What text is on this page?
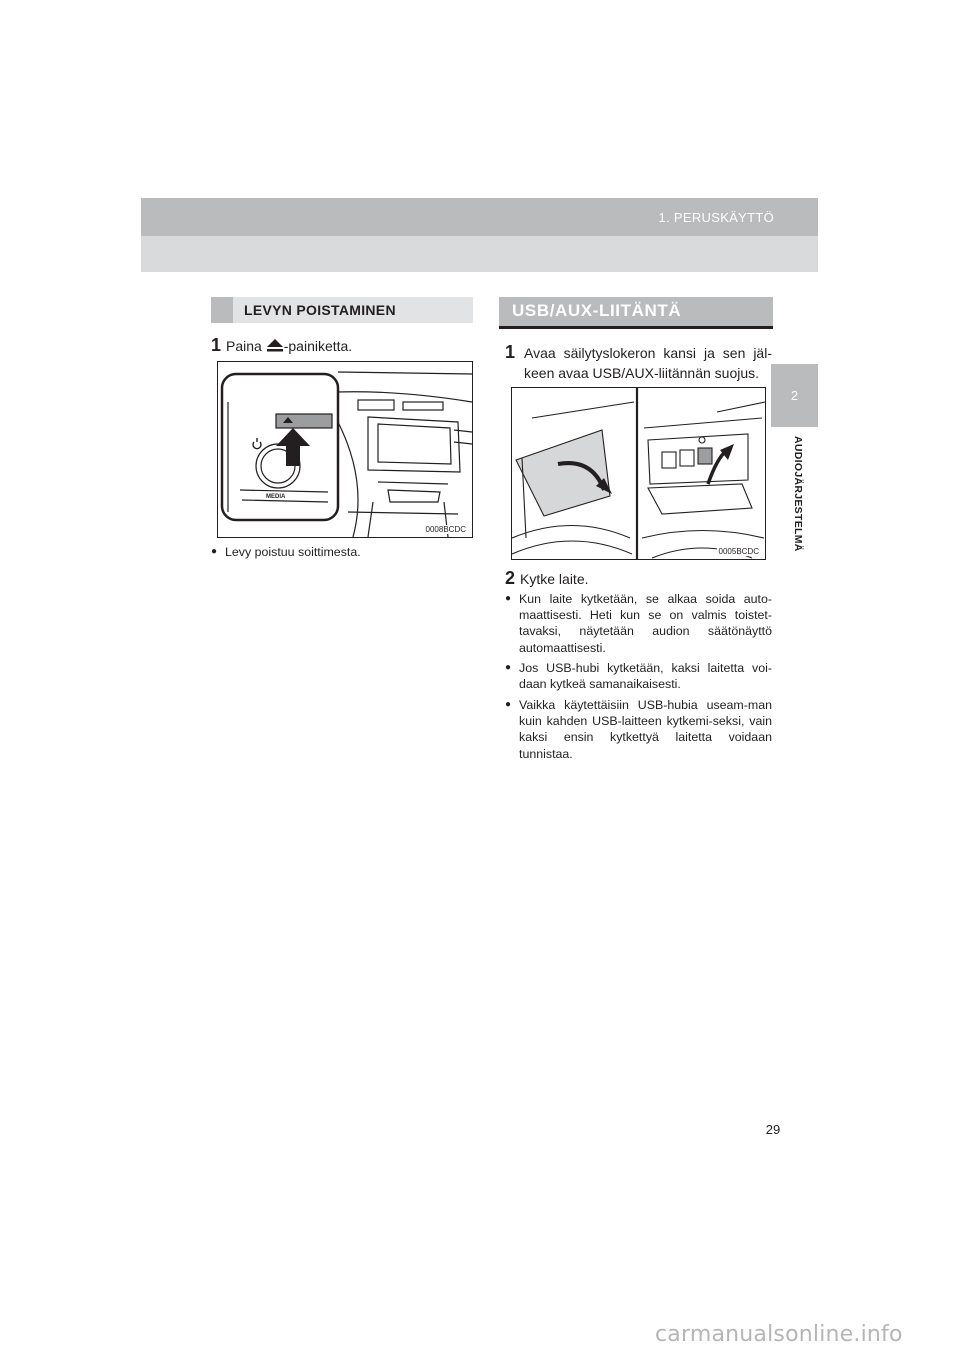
1. PERUSKÄYTTÖ
2
AUDIOJÄRJESTELMÄ
LEVYN POISTAMINEN
1 Paina -painiketta.
MEDIA
0008BCDC
● Levy poistuu soittimesta.
USB/AUX-LIITÄNTÄ
1 Avaa säilytyslokeron kansi ja sen jäl-
keen avaa USB/AUX-liitännän suojus.
0005BCDC
2 Kytke laite.
● Kun laite kytketään, se alkaa soida auto-maattisesti. Heti kun se on valmis toistet-tavaksi, näytetään audion säätönäyttö automaattisesti.
● Jos USB-hubi kytketään, kaksi laitetta voi-daan kytkeä samanaikaisesti.
● Vaikka käytettäisiin USB-hubia useam-man kuin kahden USB-laitteen kytkemi-seksi, vain kaksi ensin kytkettyä laitetta voidaan tunnistaa.
29
carmanualsonline.info
